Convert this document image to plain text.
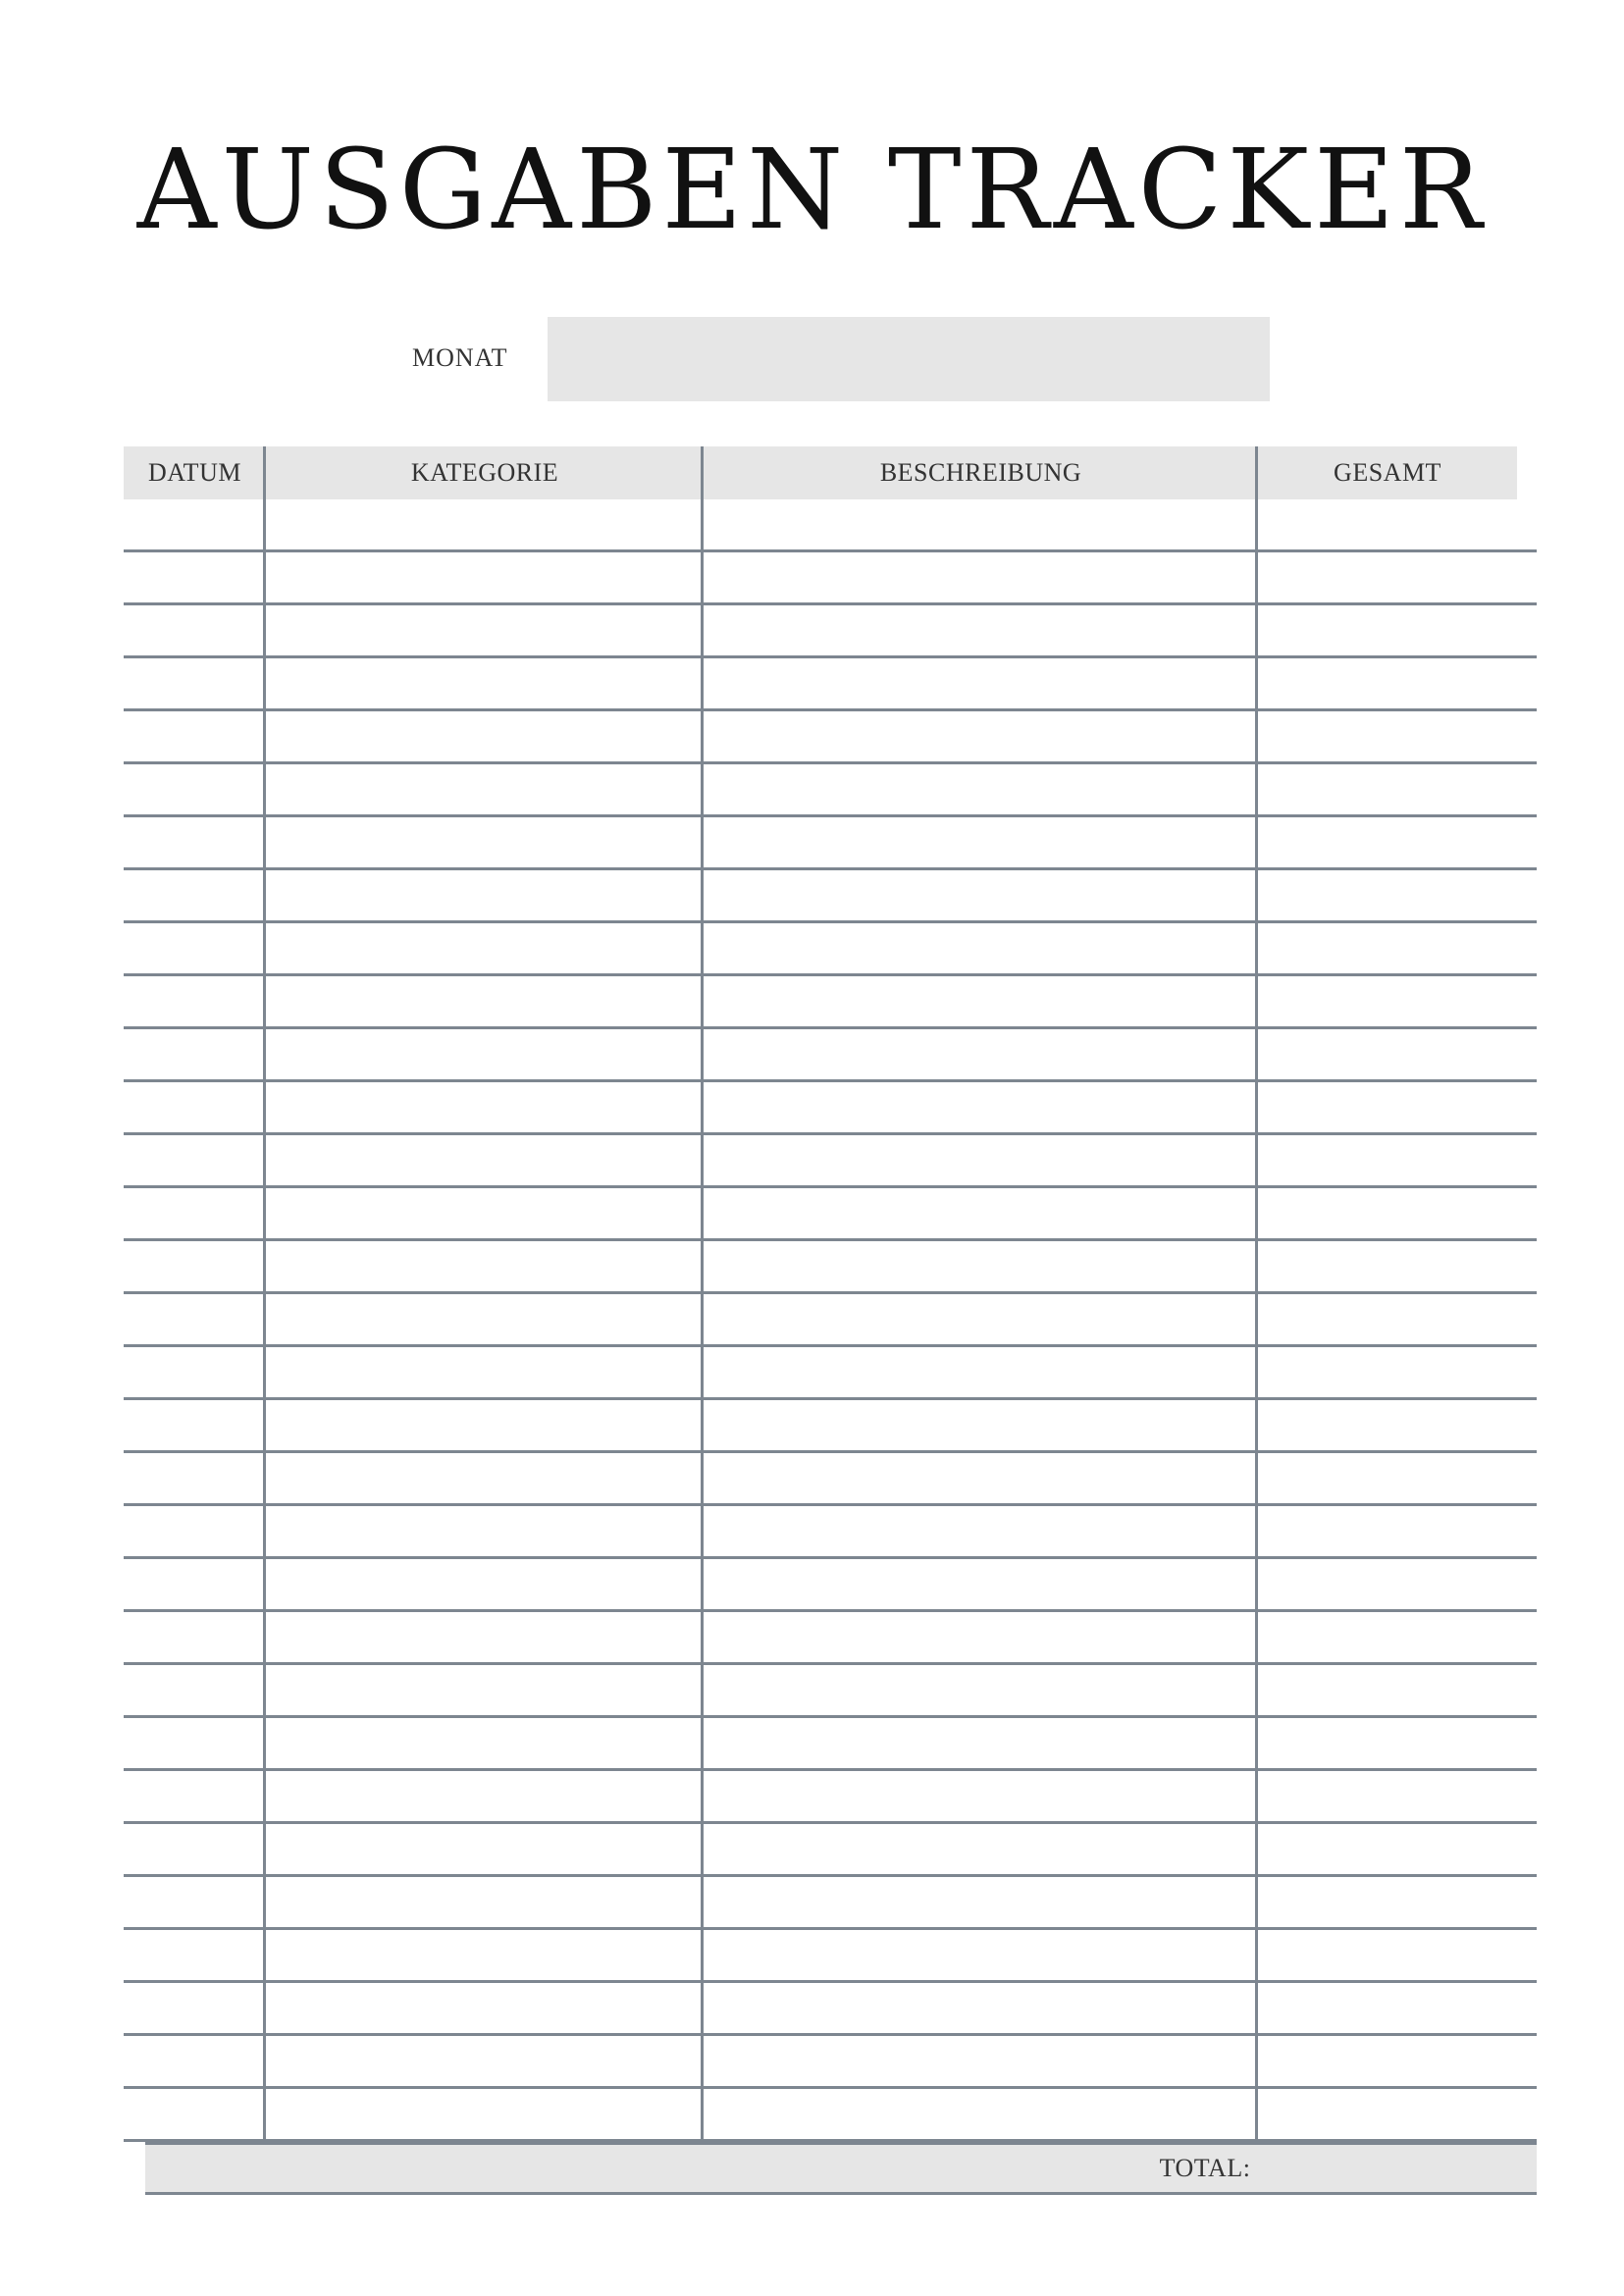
AUSGABEN TRACKER
MONAT
DATUM	KATEGORIE	BESCHREIBUNG	GESAMT
TOTAL:
